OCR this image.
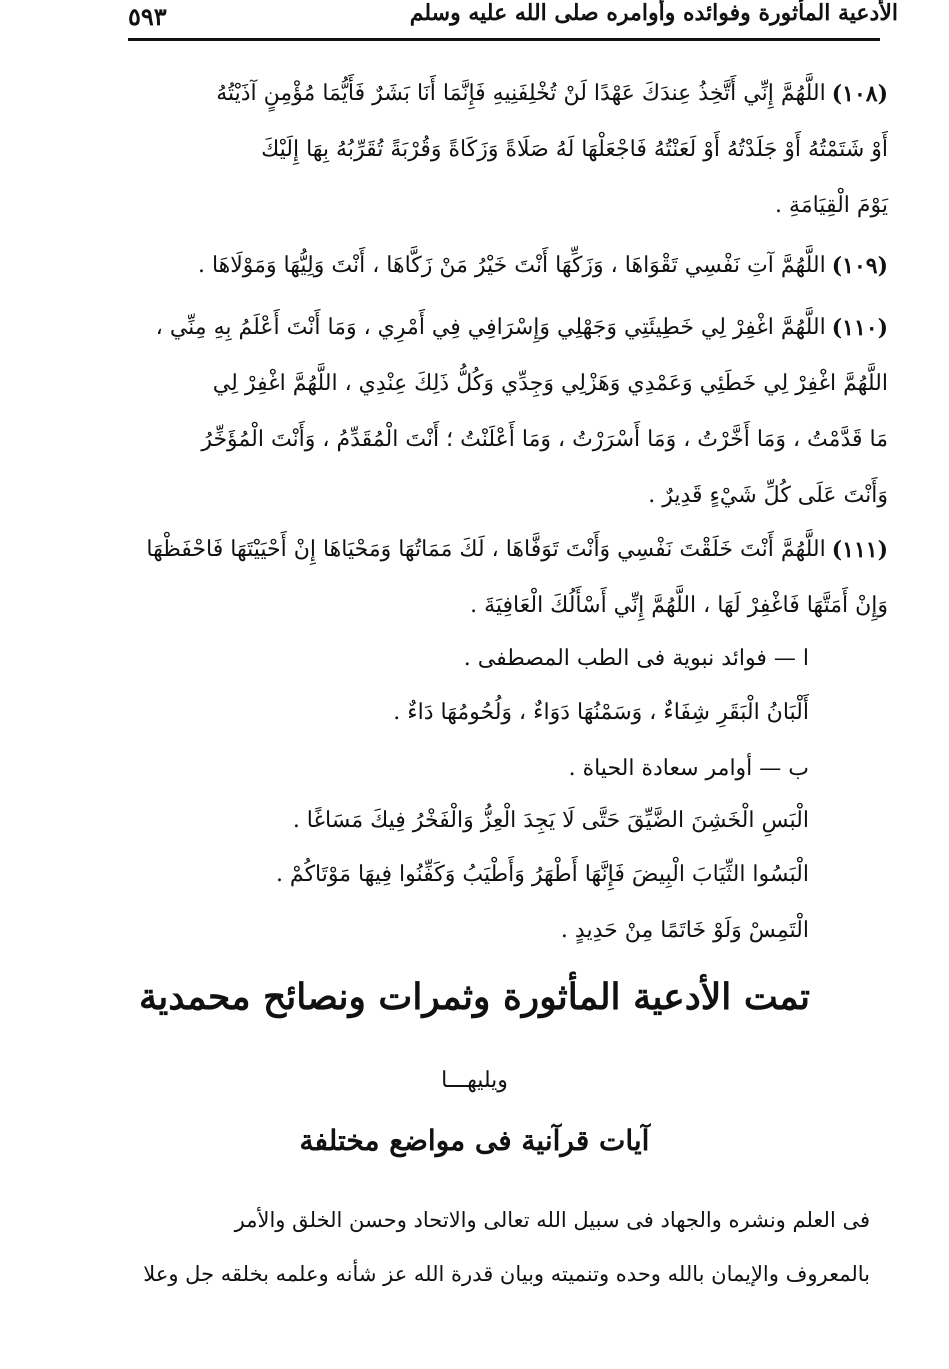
الأدعية المأثورة وفوائده وأوامره صلى الله عليه وسلم
٥٩٣
(١٠٨)
اللَّهُمَّ إِنِّي أَتَّخِذُ عِندَكَ عَهْدًا لَنْ تُخْلِفَنِيهِ فَإِنَّمَا أَنَا بَشَرٌ فَأَيُّمَا مُؤْمِنٍ آذَيْتُهُ
أَوْ شَتَمْتُهُ أَوْ جَلَدْتُهُ أَوْ لَعَنْتُهُ فَاجْعَلْهَا لَهُ صَلَاةً وَزَكَاةً وَقُرْبَةً تُقَرِّبُهُ بِهَا إِلَيْكَ
يَوْمَ الْقِيَامَةِ .
(١٠٩)
اللَّهُمَّ آتِ نَفْسِي تَقْوَاهَا ، وَزَكِّهَا أَنْتَ خَيْرُ مَنْ زَكَّاهَا ، أَنْتَ وَلِيُّهَا وَمَوْلَاهَا .
(١١٠)
اللَّهُمَّ اغْفِرْ لِي خَطِيئَتِي وَجَهْلِي وَإِسْرَافِي فِي أَمْرِي ، وَمَا أَنْتَ أَعْلَمُ بِهِ مِنِّي ،
اللَّهُمَّ اغْفِرْ لِي خَطَئِي وَعَمْدِي وَهَزْلِي وَجِدِّي وَكُلُّ ذَلِكَ عِنْدِي ، اللَّهُمَّ اغْفِرْ لِي
مَا قَدَّمْتُ ، وَمَا أَخَّرْتُ ، وَمَا أَسْرَرْتُ ، وَمَا أَعْلَنْتُ ؛ أَنْتَ الْمُقَدِّمُ ، وَأَنْتَ الْمُؤَخِّرُ
وَأَنْتَ عَلَى كُلِّ شَيْءٍ قَدِيرٌ .
(١١١)
اللَّهُمَّ أَنْتَ خَلَقْتَ نَفْسِي وَأَنْتَ تَوَفَّاهَا ، لَكَ مَمَاتُهَا وَمَحْيَاهَا إِنْ أَحْيَيْتَهَا فَاحْفَظْهَا
وَإِنْ أَمَتَّهَا فَاغْفِرْ لَهَا ، اللَّهُمَّ إِنِّي أَسْأَلُكَ الْعَافِيَةَ .
ا — فوائد نبوية فى الطب المصطفى .
أَلْبَانُ الْبَقَرِ شِفَاءٌ ، وَسَمْنُهَا دَوَاءٌ ، وَلُحُومُهَا دَاءٌ .
ب — أوامر سعادة الحياة .
الْبَسِ الْخَشِنَ الضَّيِّقَ حَتَّى لَا يَجِدَ الْعِزُّ وَالْفَخْرُ فِيكَ مَسَاغًا .
الْبَسُوا الثِّيَابَ الْبِيضَ فَإِنَّهَا أَطْهَرُ وَأَطْيَبُ وَكَفِّنُوا فِيهَا مَوْتَاكُمْ .
الْتَمِسْ وَلَوْ خَاتَمًا مِنْ حَدِيدٍ .
تمت الأدعية المأثورة وثمرات ونصائح محمدية
ويليهـــا
آيات قرآنية فى مواضع مختلفة
فى العلم ونشره والجهاد فى سبيل الله تعالى والاتحاد وحسن الخلق والأمر
بالمعروف والإيمان بالله وحده وتنميته وبيان قدرة الله عز شأنه وعلمه بخلقه جل وعلا
